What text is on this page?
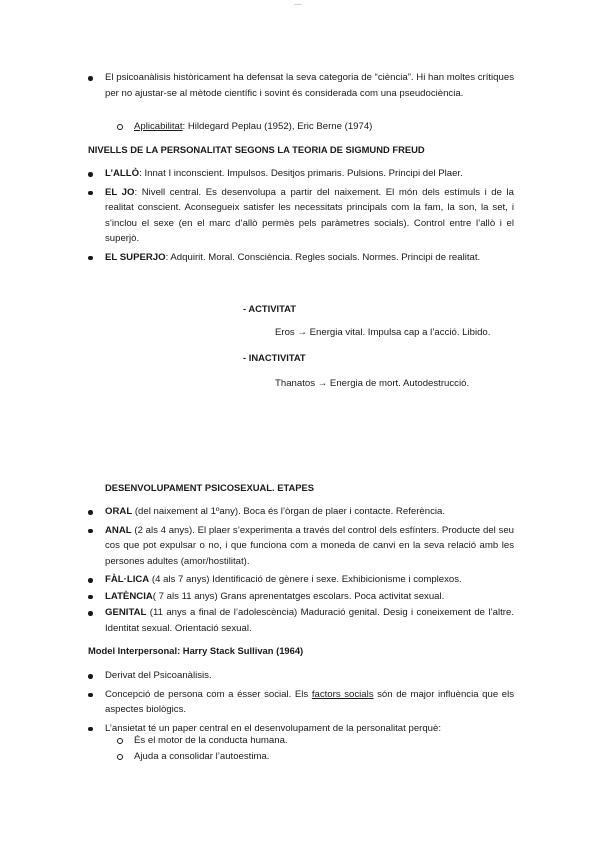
....
El psicoanàlisis històricament ha defensat la seva categoria de “ciència”. Hi han moltes crítiques per no ajustar-se al mètode científic i sovint és considerada com una pseudociència.
Aplicabilitat: Hildegard Peplau (1952), Eric Berne (1974)
NIVELLS DE LA PERSONALITAT SEGONS LA TEORIA DE SIGMUND FREUD
L’ALLÒ: Innat I inconscient. Impulsos. Desitjos primaris. Pulsions. Principi del Plaer.
EL JO: Nivell central. Es desenvolupa a partir del naixement. El món dels estímuls i de la realitat conscient. Aconsegueix satisfer les necessitats principals com la fam, la son, la set, i s’inclou el sexe (en el marc d’allò permès pels paràmetres socials). Control entre l’allò i el superjò.
EL SUPERJO: Adquirit. Moral. Consciència. Regles socials. Normes. Principi de realitat.
- ACTIVITAT
Eros → Energia vital. Impulsa cap a l’acció. Libido.
- INACTIVITAT
Thanatos → Energia de mort. Autodestrucció.
DESENVOLUPAMENT PSICOSEXUAL. ETAPES
ORAL (del naixement al 1ºany). Boca és l’òrgan de plaer i contacte. Referència.
ANAL (2 als 4 anys). El plaer s’experimenta a través del control dels esfínters. Producte del seu cos que pot expulsar o no, i que funciona com a moneda de canvi en la seva relació amb les persones adultes (amor/hostilitat).
FÀL·LICA (4 als 7 anys) Identificació de gènere i sexe. Exhibicionisme i complexos.
LATÈNCIA( 7 als 11 anys) Grans aprenentatges escolars. Poca activitat sexual.
GENITAL (11 anys a final de l’adolescència) Maduració genital. Desig i coneixement de l’altre. Identitat sexual. Orientació sexual.
Model Interpersonal: Harry Stack Sullivan (1964)
Derivat del Psicoanàlisis.
Concepció de persona com a ésser social. Els factors socials són de major influència que els aspectes biològics.
L’ansietat té un paper central en el desenvolupament de la personalitat perquè:
És el motor de la conducta humana.
Ajuda a consolidar l’autoestima.
